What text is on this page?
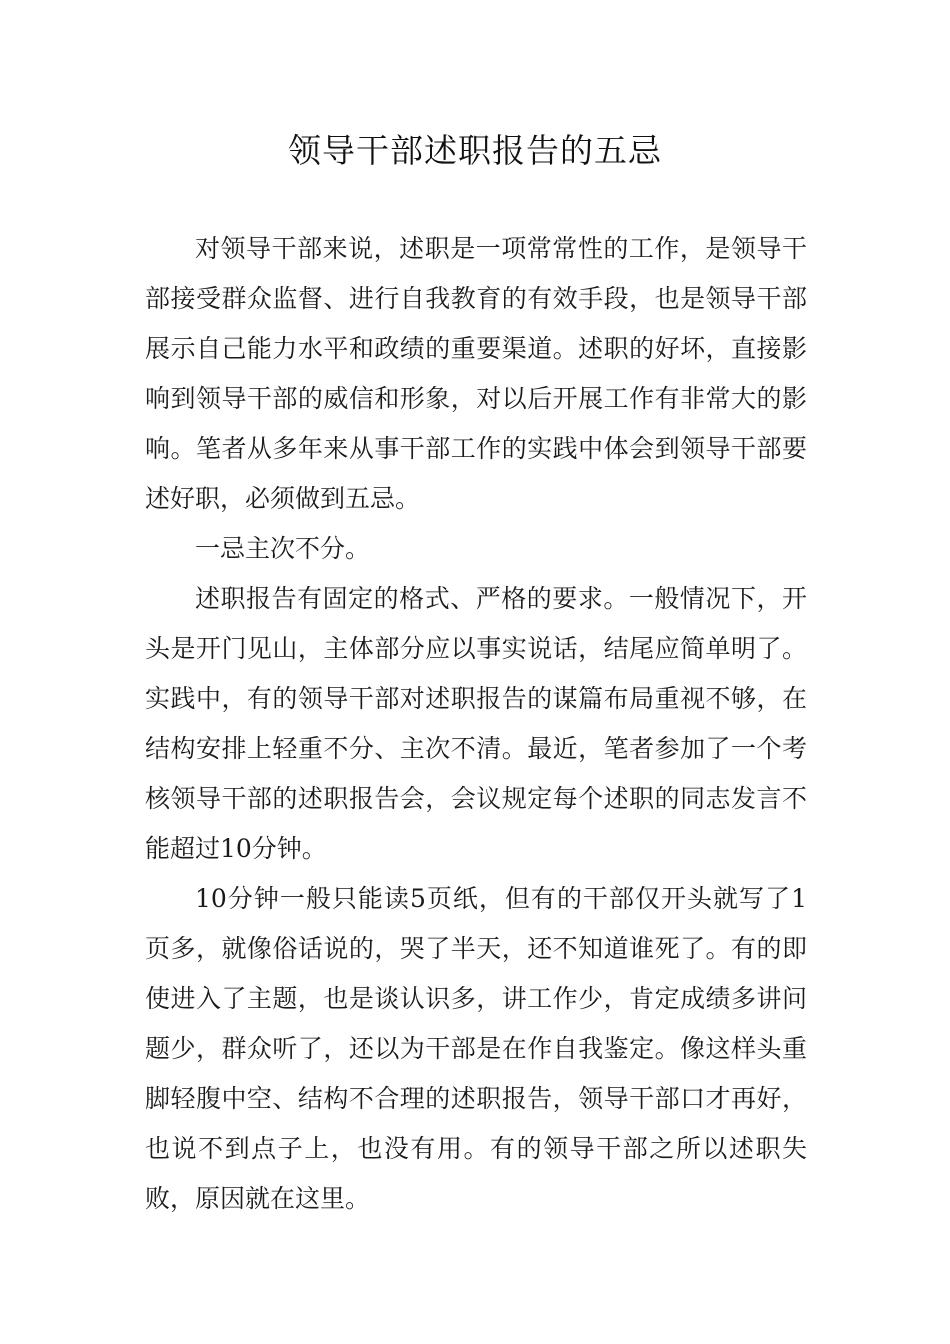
领导干部述职报告的五忌

对领导干部来说，述职是一项常常性的工作，是领导干部接受群众监督、进行自我教育的有效手段，也是领导干部展示自己能力水平和政绩的重要渠道。述职的好坏，直接影响到领导干部的威信和形象，对以后开展工作有非常大的影响。笔者从多年来从事干部工作的实践中体会到领导干部要述好职，必须做到五忌。

一忌主次不分。

述职报告有固定的格式、严格的要求。一般情况下，开头是开门见山，主体部分应以事实说话，结尾应简单明了。实践中，有的领导干部对述职报告的谋篇布局重视不够，在结构安排上轻重不分、主次不清。最近，笔者参加了一个考核领导干部的述职报告会，会议规定每个述职的同志发言不能超过10分钟。

10分钟一般只能读5页纸，但有的干部仅开头就写了1页多，就像俗话说的，哭了半天，还不知道谁死了。有的即使进入了主题，也是谈认识多，讲工作少，肯定成绩多讲问题少，群众听了，还以为干部是在作自我鉴定。像这样头重脚轻腹中空、结构不合理的述职报告，领导干部口才再好，也说不到点子上，也没有用。有的领导干部之所以述职失败，原因就在这里。
